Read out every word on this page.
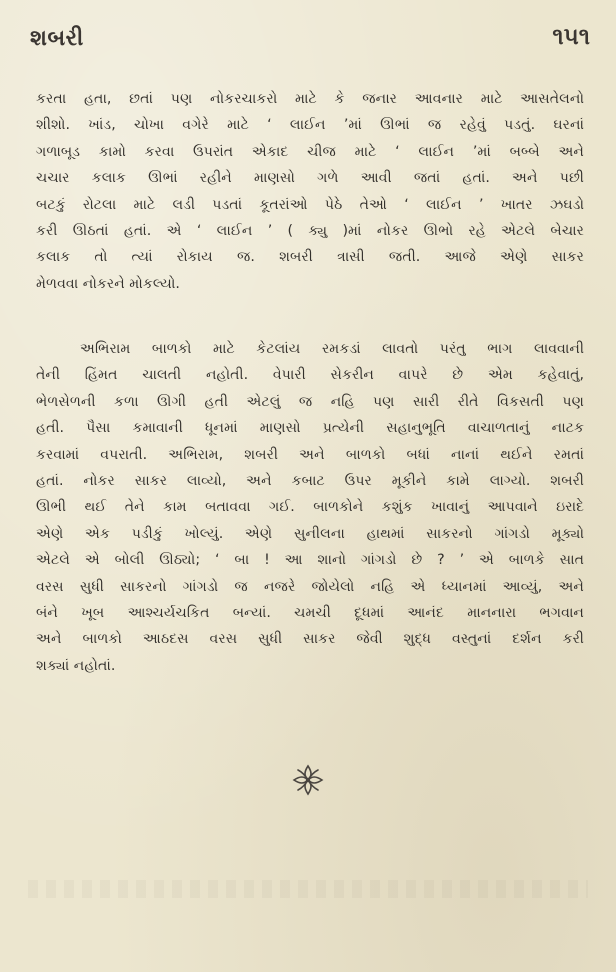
શબરી	૧૫૧
કરતા હતા, છતાં પણ નોકરચાકરો માટે કે જનાર આવનાર માટે આસતેલનો
શીશો. ખાંડ, ચોખા વગેરે માટે ‘ લાઈન ’માં ઊભાં જ રહેવું પડતું. ઘરનાં
ગળાબૂડ કામો કરવા ઉપરાંત એકાદ ચીજ માટે ‘ લાઈન ’માં બબ્બે અને
ચચાર કલાક ઊભાં રહીને માણસો ગળે આવી જતાં હતાં. અને પછી
બટકું રોટલા માટે લડી પડતાં કૂતરાંઓ પેઠે તેઓ ‘ લાઈન ’ ખાતર ઝઘડો
કરી ઊઠતાં હતાં. એ ‘ લાઈન ’ ( ક્યુ )માં નોકર ઊભો રહે એટલે બેચાર
કલાક તો ત્યાં રોકાય જ. શબરી ત્રાસી જતી. આજે એણે સાકર
મેળવવા નોકરને મોકલ્યો.
અભિરામ બાળકો માટે કેટલાંય રમકડાં લાવતો પરંતુ ભાગ લાવવાની
તેની હિંમત ચાલતી નહોતી. વેપારી સેકરીન વાપરે છે એમ કહેવાતું,
ભેળસેળની કળા ઊગી હતી એટલું જ નહિ પણ સારી રીતે વિકસતી પણ
હતી. પૈસા કમાવાની ધૂનમાં માણસો પ્રત્યેની સહાનુભૂતિ વાચાળતાનું નાટક
કરવામાં વપરાતી. અભિરામ, શબરી અને બાળકો બધાં નાનાં થઈને રમતાં
હતાં. નોકર સાકર લાવ્યો, અને કબાટ ઉપર મૂકીને કામે લાગ્યો. શબરી
ઊભી થઈ તેને કામ બતાવવા ગઈ. બાળકોને કશુંક ખાવાનું આપવાને ઇરાદે
એણે એક પડીકું ખોલ્યું. એણે સુનીલના હાથમાં સાકરનો ગાંગડો મૂક્યો
એટલે એ બોલી ઊઠ્યો; ‘ બા ! આ શાનો ગાંગડો છે ? ’ એ બાળકે સાત
વરસ સુધી સાકરનો ગાંગડો જ નજરે જોયેલો નહિ એ ધ્યાનમાં આવ્યું, અને
બંને ખૂબ આશ્ચર્યચકિત બન્યાં. ચમચી દૂધમાં આનંદ માનનારા ભગવાન
અને બાળકો આઠદસ વરસ સુધી સાકર જેવી શુદ્ધ વસ્તુનાં દર્શન કરી
શક્યાં નહોતાં.
